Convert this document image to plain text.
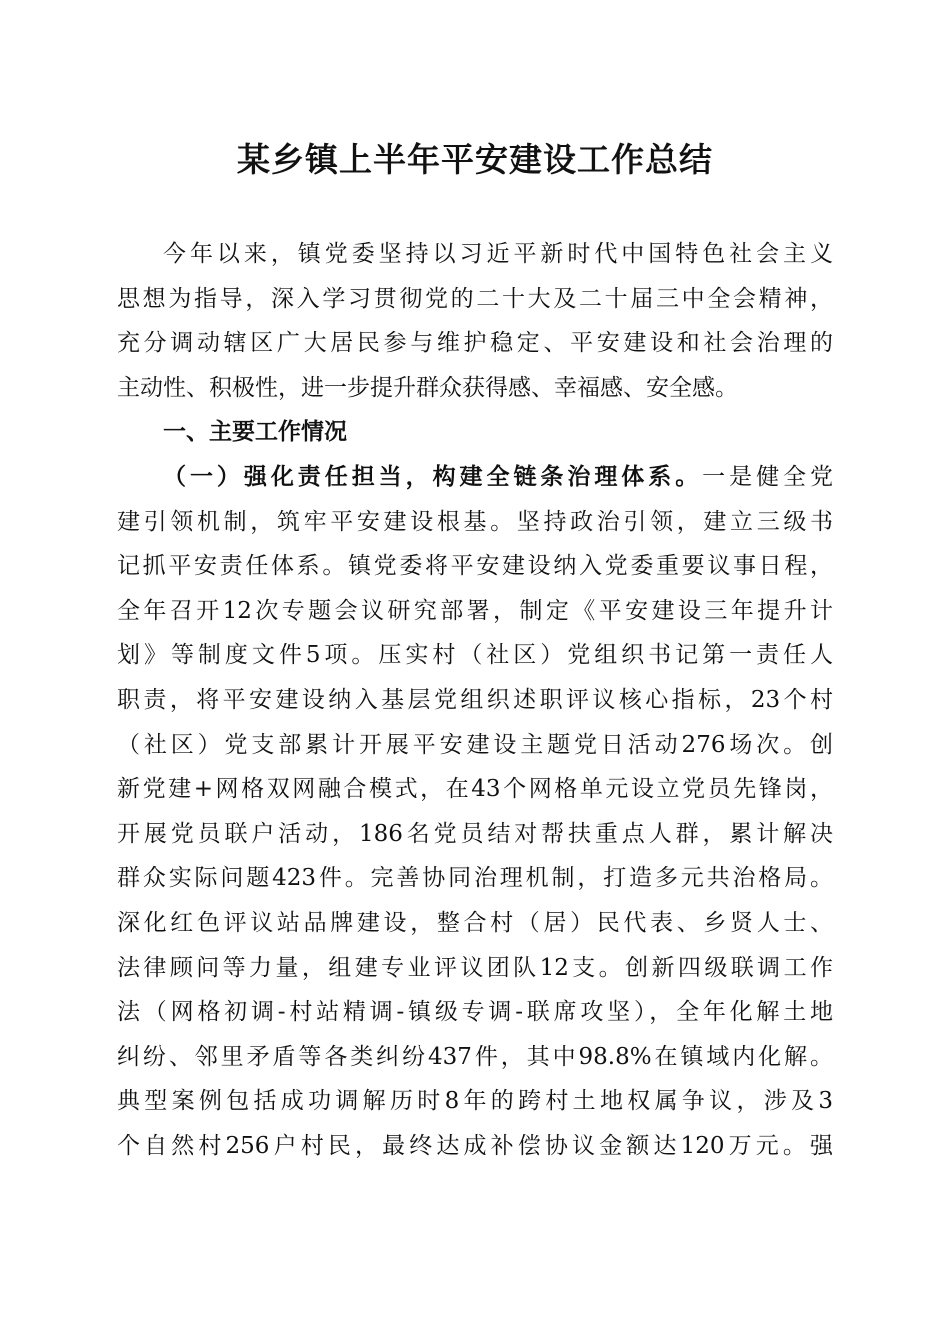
某乡镇上半年平安建设工作总结
今年以来，镇党委坚持以习近平新时代中国特色社会主义
思想为指导，深入学习贯彻党的二十大及二十届三中全会精神，
充分调动辖区广大居民参与维护稳定、平安建设和社会治理的
主动性、积极性，进一步提升群众获得感、幸福感、安全感。
一、主要工作情况
（一）强化责任担当，构建全链条治理体系。一是健全党
建引领机制，筑牢平安建设根基。坚持政治引领，建立三级书
记抓平安责任体系。镇党委将平安建设纳入党委重要议事日程，
全年召开12次专题会议研究部署，制定《平安建设三年提升计
划》等制度文件5项。压实村（社区）党组织书记第一责任人
职责，将平安建设纳入基层党组织述职评议核心指标，23个村
（社区）党支部累计开展平安建设主题党日活动276场次。创
新党建+网格双网融合模式，在43个网格单元设立党员先锋岗，
开展党员联户活动，186名党员结对帮扶重点人群，累计解决
群众实际问题423件。完善协同治理机制，打造多元共治格局。
深化红色评议站品牌建设，整合村（居）民代表、乡贤人士、
法律顾问等力量，组建专业评议团队12支。创新四级联调工作
法（网格初调-村站精调-镇级专调-联席攻坚），全年化解土地
纠纷、邻里矛盾等各类纠纷437件，其中98.8%在镇域内化解。
典型案例包括成功调解历时8年的跨村土地权属争议，涉及3
个自然村256户村民，最终达成补偿协议金额达120万元。强
